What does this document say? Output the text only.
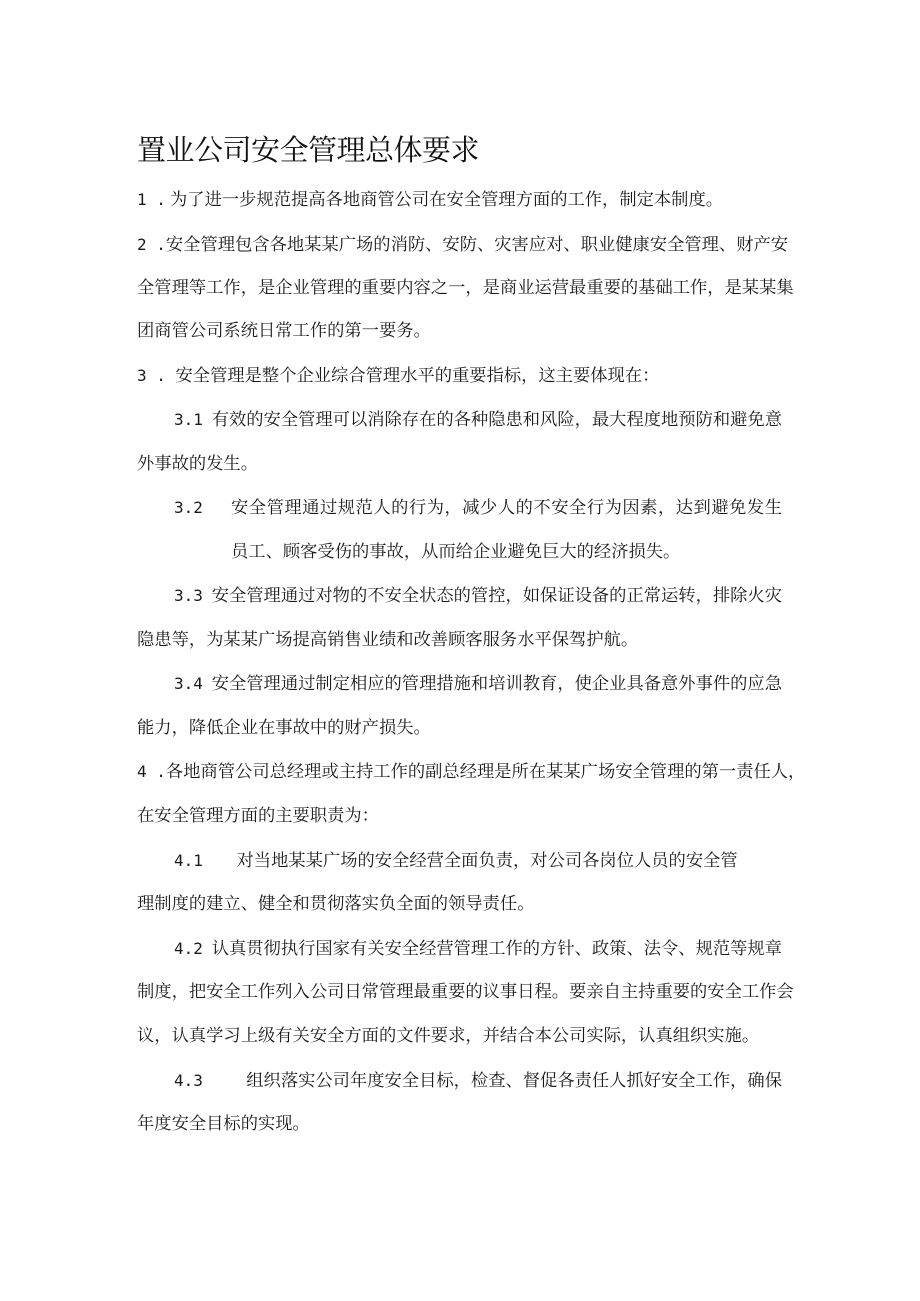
置业公司安全管理总体要求
1 . 为了进一步规范提高各地商管公司在安全管理方面的工作，制定本制度。
2 . 安全管理包含各地某某广场的消防、安防、灾害应对、职业健康安全管理、财产安
全管理等工作，是企业管理的重要内容之一，是商业运营最重要的基础工作，是某某集
团商管公司系统日常工作的第一要务。
3 . 安全管理是整个企业综合管理水平的重要指标，这主要体现在：
3.1 有效的安全管理可以消除存在的各种隐患和风险，最大程度地预防和避免意
外事故的发生。
3.2	安全管理通过规范人的行为，减少人的不安全行为因素，达到避免发生
员工、顾客受伤的事故，从而给企业避免巨大的经济损失。
3.3 安全管理通过对物的不安全状态的管控，如保证设备的正常运转，排除火灾
隐患等，为某某广场提高销售业绩和改善顾客服务水平保驾护航。
3.4 安全管理通过制定相应的管理措施和培训教育，使企业具备意外事件的应急
能力，降低企业在事故中的财产损失。
4 . 各地商管公司总经理或主持工作的副总经理是所在某某广场安全管理的第一责任人，
在安全管理方面的主要职责为：
4.1 对当地某某广场的安全经营全面负责，对公司各岗位人员的安全管
理制度的建立、健全和贯彻落实负全面的领导责任。
4.2 认真贯彻执行国家有关安全经营管理工作的方针、政策、法令、规范等规章
制度，把安全工作列入公司日常管理最重要的议事日程。要亲自主持重要的安全工作会
议，认真学习上级有关安全方面的文件要求，并结合本公司实际，认真组织实施。
4.3	组织落实公司年度安全目标，检查、督促各责任人抓好安全工作，确保
年度安全目标的实现。
